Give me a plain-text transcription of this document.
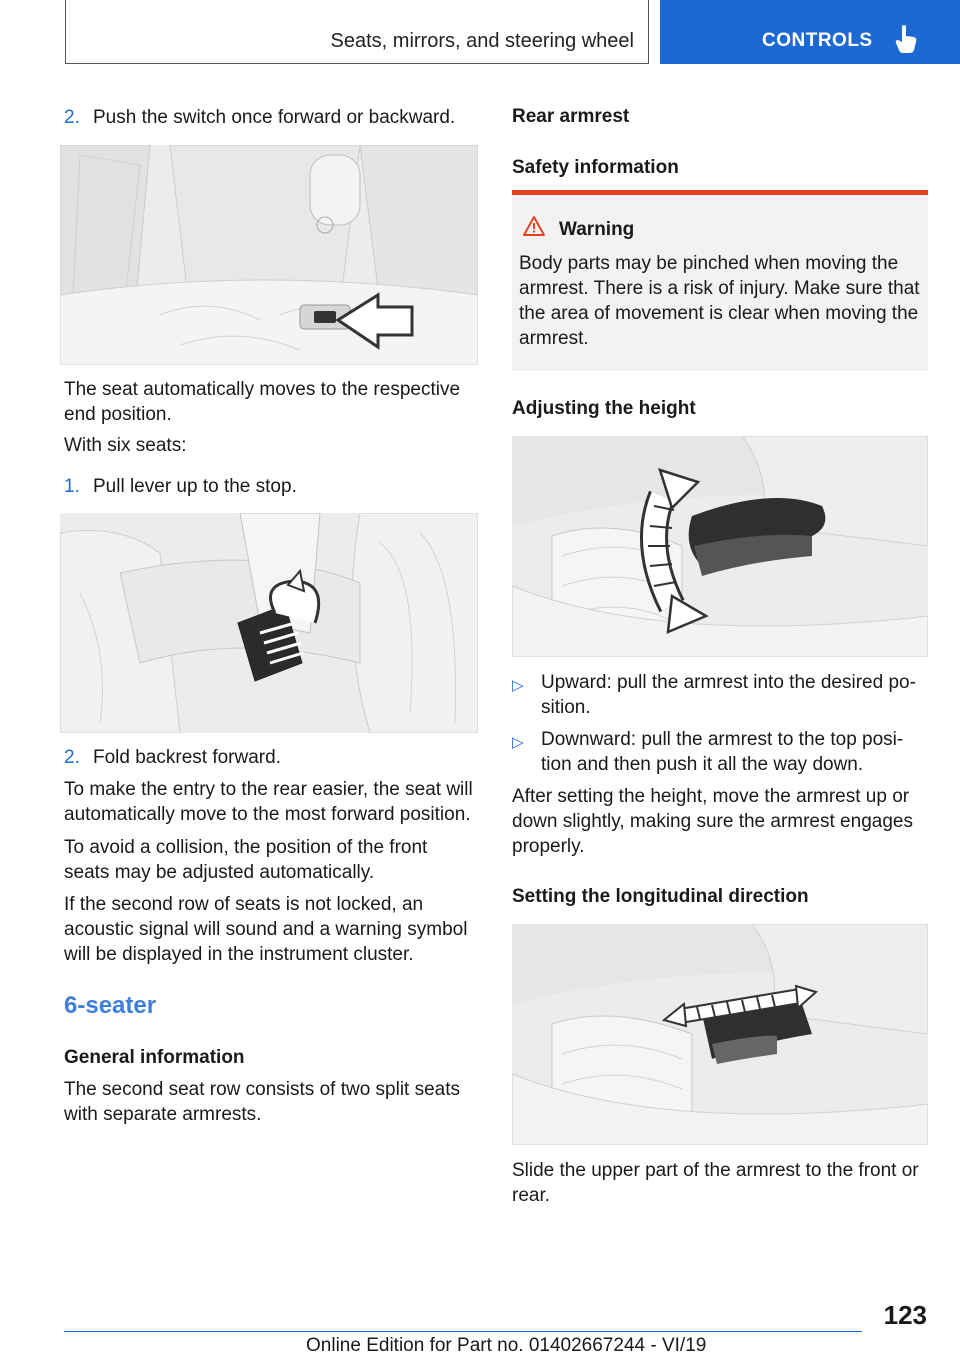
Seats, mirrors, and steering wheel	CONTROLS
2. Push the switch once forward or backward.
The seat automatically moves to the respective
end position.
With six seats:
1. Pull lever up to the stop.
2. Fold backrest forward.
To make the entry to the rear easier, the seat will
automatically move to the most forward position.
To avoid a collision, the position of the front
seats may be adjusted automatically.
If the second row of seats is not locked, an
acoustic signal will sound and a warning symbol
will be displayed in the instrument cluster.
6-seater
General information
The second seat row consists of two split seats
with separate armrests.
Rear armrest
Safety information
Adjusting the height
▷ Upward: pull the armrest into the desired po-
sition.
▷ Downward: pull the armrest to the top posi-
tion and then push it all the way down.
After setting the height, move the armrest up or
down slightly, making sure the armrest engages
properly.
Setting the longitudinal direction
Slide the upper part of the armrest to the front or
rear.
Warning
Body parts may be pinched when moving the
armrest. There is a risk of injury. Make sure that
the area of movement is clear when moving the
armrest.
123
Online Edition for Part no. 01402667244 - VI/19
